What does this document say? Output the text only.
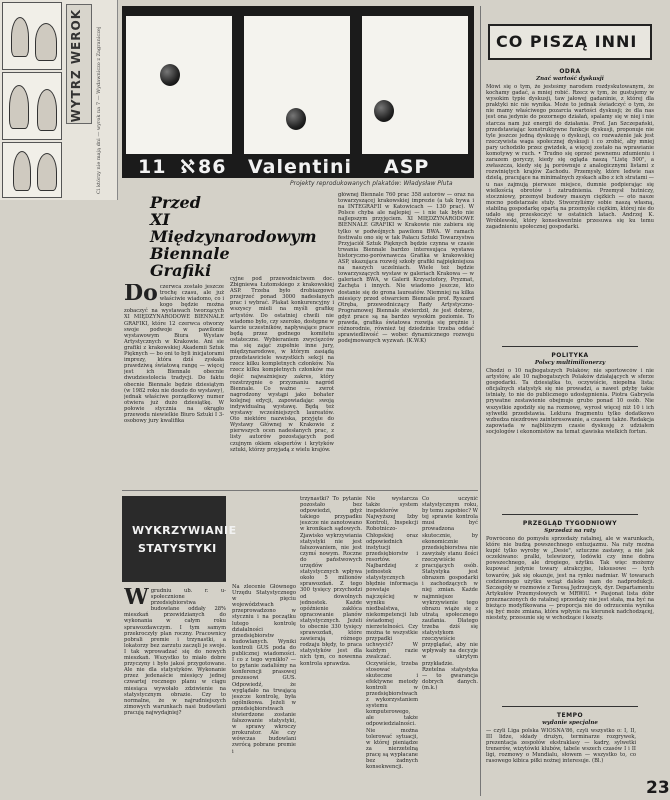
WYTRZ WEROK	Ci którzy nie mają dni — wyrok na 7 — Wydawniczo z Zagraniczej 11 ℵ 86 Valentini ASP
Projekty reprodukowanych plakatów: Władysław Pluta
Przed
XI Międzynarodowym
Biennale
Grafiki
Do czerwca zostało jeszcze trochę czasu, ale już właściwie wiadomo, co i kogo będzie można zobaczyć na wystawach tworzących XI MIĘDZYNARODOWE BIENNALE GRAFIKI, które 12 czerwca otworzy swoje podwoje w pawilonie wystawowym Biura Wystaw Artystycznych w Krakowie. Ani sie grafiki z krakowskiej Akademii Sztuk Pięknych — bo oni to byli inicjatorami imprezy, która dziś zyskała prawdziwą światową rangę — więcej jest ich Biennale obecnie dwudziestolecia tradycji. Do faktu obecnie Biennale będzie dziesiątym (w 1982 roku nie doszło do wystawy), jednak właściwe porządkowy numer otwiera już dużo dziesiątkę. W połowie stycznia na okrągło przewodu niewielkie Biuro Sztuki I 3-osobowy jury kwalifika
cyjne pod przewodnictwem doc. Zbigniewa Łutomskiego z krakowskiej ASP. Trzeba było drobiazgowo przejrzeć ponad 3000 nadesłanych prac i wybrać. Plakat konkurencyjny i wszyscy mieli na myśli grafikę artystów. Do ostatniej chwili nie wiadomo było, czy szeroko, dostępne w karcie uczestników, napływające prace będą przez godnego komitetu ostateczne. Wybieraniem zwycięzców ma się zająć zupełnie inne jury, międzynarodowe, w którym zasiądą przedstawiciele wszystkich sekcji na rzecz kilku kompletnych członków. Na rzecz kilku kompletnych członków ma dojść najważniejszy zakres, który rozstrzygnie o przyznaniu nagród Biennale. Co ważne — zwrot nagrodzony wystąpi jako bohater kolejnej edycji, zapowiadając swoją indywidualną wystawę. Będą też wystawy wcześniejszych laureatów. Oto niektóre nazwiska, przyjęte do Wystawy Głównej w Krakowie z pierwszych ocen nadesłanych prac, z listy autorów pozostających pod czujnym okiem ekspertów i krytyków sztuki, którzy przyjadą z wielu krajów.
głównej Biennale 760 prac 358 autorów — oraz na towarzyszącej krakowskiej imprezie (a tak bywa i na INTEGRAFII w Katowicach — 130 prac). W Polsce chyba ale najlepiej — i nie tak było nie najlepszym przyjęciem. XI MIĘDZYNARODOWE BIENNALE GRAFIKI w Krakowie nie zabiera się tylko w podwójnych pawilonu BWA. W ramach festiwalu ono się w tak Pałacu Sztuki Towarzystwa Przyjaciół Sztuk Pięknych będzie czynna w czasie trwania Biennale bardzo interesująca wystawa historyczno-porównawcza Grafika w krakowskiej ASP, ukazująca rozwój szkoły grafiki najpiękniejsza na naszych uczelniach. Wiele też będzie towarzyszących wystaw w galeriach Krakowa — w galeriach BWA, w Galerii Krzysztofory, Pryzmat, Zachęta i innych. Nie wiadomo jeszcze, kto dostanie się do grona laureatów. Niemniej na kilka miesięcy przed otwarciem Biennale prof. Ryszard Otręba, przewodniczący Rady Artystyczno-Programowej Biennale stwierdził, że jest dobrze, gdyż prace są na bardzo wysokim poziomie. To prawda, grafika światowa rozwija się prężnie i różnorodnie, również tej dziedzinie trzeba oddać sprawiedliwość — wobec dynamicznego rozwoju podejmowanych wyzwań. (K.W.K)
WYKRZYWIANIE
STATYSTYKI
Wgrudniu ub. r. u- społecznione przedsiębiorstwa budowlane oddały 28% mieszkań przewidzianych do wykonania w całym roku sprawozdawczym. I tym samym przekroczyły plan roczny. Pracownicy pobrali premie i trzynastki, a lokatorzy bez zarzutu zaczęli je swoje. I tak wprowadzać się do nowych mieszkań. Wszystko to miało dobre przyczyny i było jakoś przygotowane. Ale nie dla statystyków. Wykonanie przez jedenaście miesięcy jednej czwartej rocznego planu w ciągu miesiąca wywołało zdziwienie na statystycznym obrazie. Czy to normalne, że w najrudniejszych zimowych warunkach nasi budowlani pracują najwydajniej?
Na zlecenie Głównego Urzędu Statystycznego w pięciu województwach przeprowadzono w styczniu i na początku lutego kontrolę działalności przedsiębiorstw budowlanych. Wyniki kontroli GUS poda do publicznej wiadomości. I co z tego wynikło? — to pytanie zadaliśmy na konferencji prasowej prezesowi GUS. Odpowiedź, że wyglądało na trwającą jeszcze kontrolę, była ogólnikowa. Jeżeli w przedsiębiorstwach stwierdzone zostanie fałszowanie statystyki, w sprawy wkroczy prokurator. Ale czy wówczas budowlani zwrócą pobrane premie i
trzynastki? To pytanie pozostało bez odpowiedzi, gdyż takiego przypadku jeszcze nie zanotowano w kronikach sądowych. Zjawisko wykrzywiania statystyki nie jest fałszowaniem, nie jest czymś nowym. Roczne do państwowych urzędów statystycznych wpływa około 5 milionów sprawozdań. Z tego 300 tysięcy przychodzi od dowolnych jednostek. Każde opóźnienie zakłóca opracowanie planów statystycznych. Jeżeli to obecnie 330 tysięcy sprawozdań, które zawierają różnego rodzaju błędy, to praca statystyków jest dla nich tym, co nowenna kontrola sprawdza.
Nie wystarcza także system inspektorów Najwyższej Izby Kontroli, Inspekcji Robotniczo-Chłopskiej oraz odpowiednich instytucji przedsiębiorstw i resortów. Najbardziej z jednostek statystycznych błędnie informacja powstaje najczęściej w wyniku niedbalstwa, niekompetencji lub świadomej nierzetelności. Czy można te wszystkie przypadki uchwycić? W każdym razie zwalczać. Oczywiście, trzeba stosować skuteczne i efektywne metody kontroli w przedsiębiorstwach z wykorzystaniem systemu komputerowego, ale także odpowiedzialności. Nie można tolerować sytuacji, w której pieniądze za nierzetelną pracę są wypłacane bez żadnych konsekwencji.
Co uczynić statystycznym roku, by temu zapobiec? W tej sprawie kontrola musi być prowadzona skutecznie, by ekonomicznie przedsiębiorstwa nie zawyżały stanu ilości rzeczywiście pracujących osób. Statystyka jest obrazem gospodarki i zachodzących w niej zmian. Każde najmniejsze wykrzywienie tego obrazu wiąże się z utratą społecznego zaufania. Dlatego trzeba dziś się statystykom rzeczywiście przyglądać, aby nie wpływały na decyzje w ukrytym przykładzie. Rzetelna statystyka — to gwarancja dobrych danych. (m.k.)
CO PISZĄ INNI
ODRA
Znać wartość dyskusji
Mówi się o tym, że jesteśmy narodem rozdyskutowanym, że kochamy gadać, a mniej robić. Rzecz w tym, że gustujemy w wysokim typie dyskusji, taw jałowej gadaninie, z której dla praktyki nic nie wynika. Może to jednak świadczyć o tym, że nie mamy właściwego pozarcia wartości dyskusji; że dla nas jest ona jedynie do pozornego działań, spalamy się w niej i nie starcza nam już energii do działania. Prof. Jan Szczepański, przedstawiając konstruktywne funkcje dyskusji, proponuje nie tyle jeszcze jedną dyskusję o dyskusji, co rozważenie jak jest rzeczywista waga społecznej dyskusji i co zrobić, aby mniej pary uchodziło przez gwizdek, a więcej zostało na wprawianie komotywy w ruch. • Trudno się oprzeć pewnemu zdumieniu i zarazem goryczy, kiedy się ogląda naszą "Listę 500", a zwłaszcza, kiedy się ją porównuje z analogicznymi listami z rozwiniętych krajów Zachodu. Przemysły, które ledwie nas dzielą, pracujące na minimalnych zyskach albo z ich stratami — u nas zajmują pierwsze miejsce, dumnie podpierając się wielkością obrotów i zatrudnienia. Przemysł hutniczy, stoczniowy, przemysł budowy maszyn ciężkich — oto nasze mocno podstarzałe stuły. Stworzyliśmy sobie naszą własną, stabilną gospodarkę opartą na przemyśle ciężkim, której nie do udało się przeskoczyć w ostatnich latach. Andrzej K. Wróblewski, który konsekwentnie przesuwa się ku temu zagadnieniu społecznej gospodarki.
POLITYKA
Polscy multimilionerzy
Chodzi o 10 najbogatszych Polaków; nie sportowców i nie artystów, ale 10 najbogatszych Polaków działających w sferze gospodarki. Ta dziesiątka to, oczywiście, niepełna lista; oficjalnych statystyk się nie prowadzi, a nawet gdyby takie istniały, to nie do publicznego udostępnienia. Piotra Gabryela prywatne zestawienie obejmuje grubo ponad 10 osób. Nie wszystkie zgodziły się na rozmowę, wyrosł więcej niż 10 i ich sylwetki przedstawia. Lektura fragmentu tylko dodatkowo wzbudza niezdrowe zainteresowanie, a czasem także. Redakcja zapowiada w najbliższym czasie dyskusję z udziałem socjologów i ekonomistów na temat zjawiska wielkich fortun.
PRZEGLĄD TYGODNIOWY
Sprzedaż na raty
Powrócono do pomysłu sprzedaży ratalnej, ale w warunkach, które nie budzą powszechnego entuzjazmu. Na raty można kupić tylko wyroby w „Desie", sztuczne zastawy, a nie jak oczekiwano: pralki, telewizory, lodówki czy inne dobra powszechnego, ale drogiego, użytku. Tak więc możemy kupować jedynie towary atrakcyjne, luksusowe — tych towarów, jak się okazuje, jest na rynku nadmiar. W towarach codziennego użytku wciąż daleko nam do nadprodukcji. Szczegóły w rozmowie z Teresą Jędrzejczyk, dyr. Departamentu Artykułów Przemysłowych w MRWiU. • Pasjonat lista dóbr przeznaczonych do ratalnej sprzedaży nie jest stała, ma być na bieżąco modyfikowana — proporcja nie do odrzucenia wynika się być może zmiana, która wpłynie na kierunek nadchodzącej, niestety, przesunie się w wchodzące i koszty.
TEMPO
wydanie specjalne
— czyli Liga polska WIOSNA'86, czyli wszystko o: I, II, III lidze, składy drużyn, terminarze rozgrywek, prezentacja zespołów ekstraklasy — kadry, sylwetki trenerów, wizytówki klubów, tabele wszech czasów I i II ligi, rozmowy o Mundialu, słowem — wszystko to, co rasowego kibica piłki nożnej interesuje. (Bl.)
23
